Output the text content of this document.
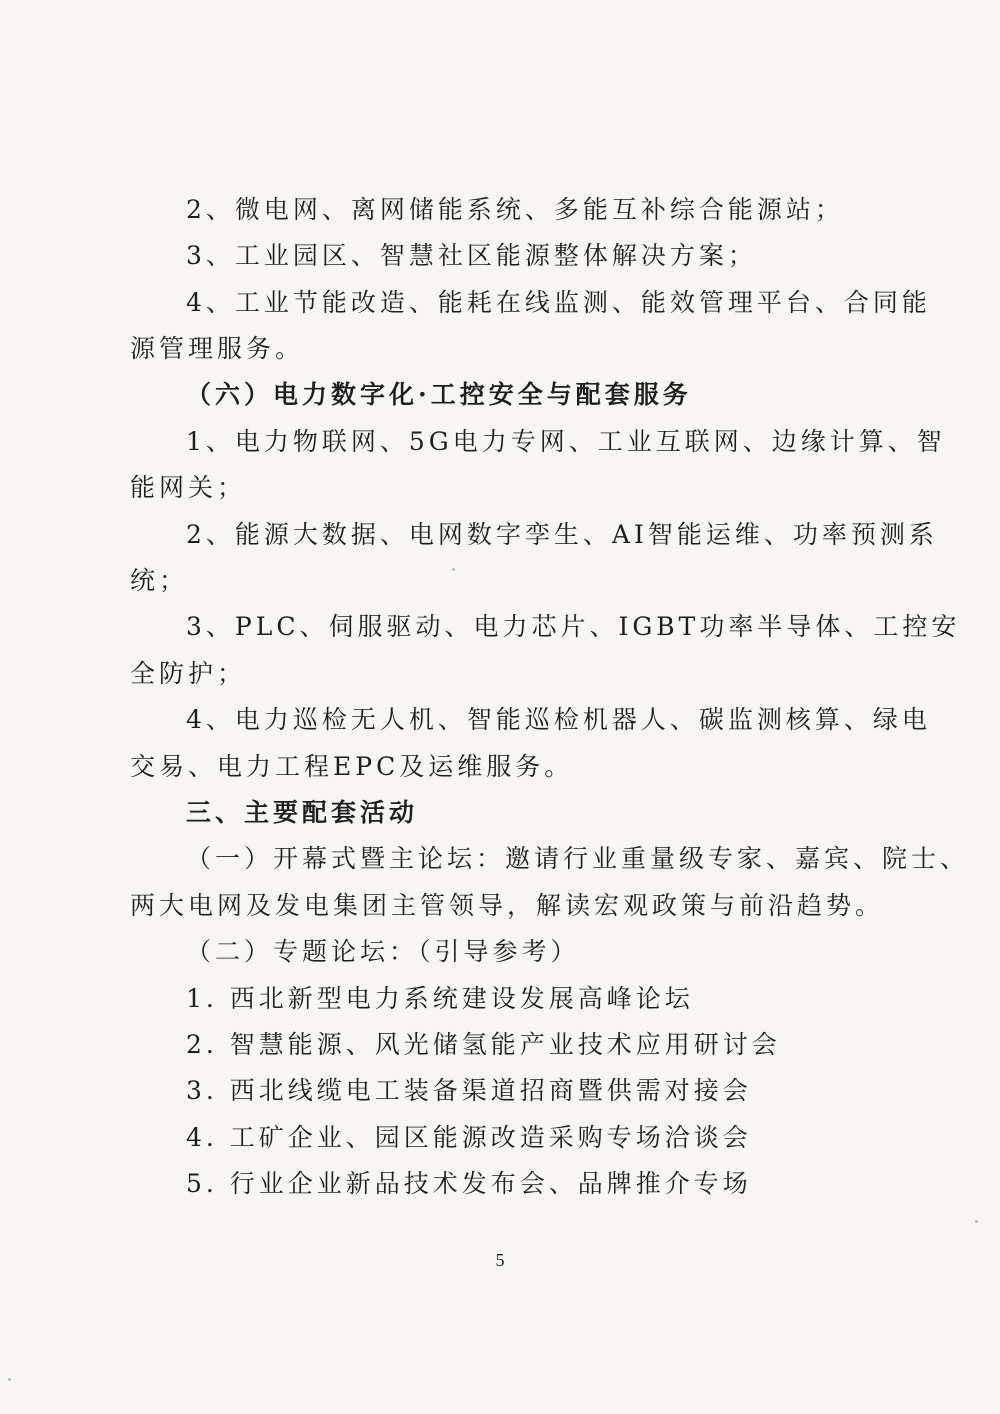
2、微电网、离网储能系统、多能互补综合能源站；
3、工业园区、智慧社区能源整体解决方案；
4、工业节能改造、能耗在线监测、能效管理平台、合同能
源管理服务。
（六）电力数字化·工控安全与配套服务
1、电力物联网、5G电力专网、工业互联网、边缘计算、智
能网关；
2、能源大数据、电网数字孪生、AI智能运维、功率预测系
统；
3、PLC、伺服驱动、电力芯片、IGBT功率半导体、工控安
全防护；
4、电力巡检无人机、智能巡检机器人、碳监测核算、绿电
交易、电力工程EPC及运维服务。
三、主要配套活动
（一）开幕式暨主论坛：邀请行业重量级专家、嘉宾、院士、
两大电网及发电集团主管领导，解读宏观政策与前沿趋势。
（二）专题论坛：（引导参考）
1. 西北新型电力系统建设发展高峰论坛
2. 智慧能源、风光储氢能产业技术应用研讨会
3. 西北线缆电工装备渠道招商暨供需对接会
4. 工矿企业、园区能源改造采购专场洽谈会
5. 行业企业新品技术发布会、品牌推介专场
5
